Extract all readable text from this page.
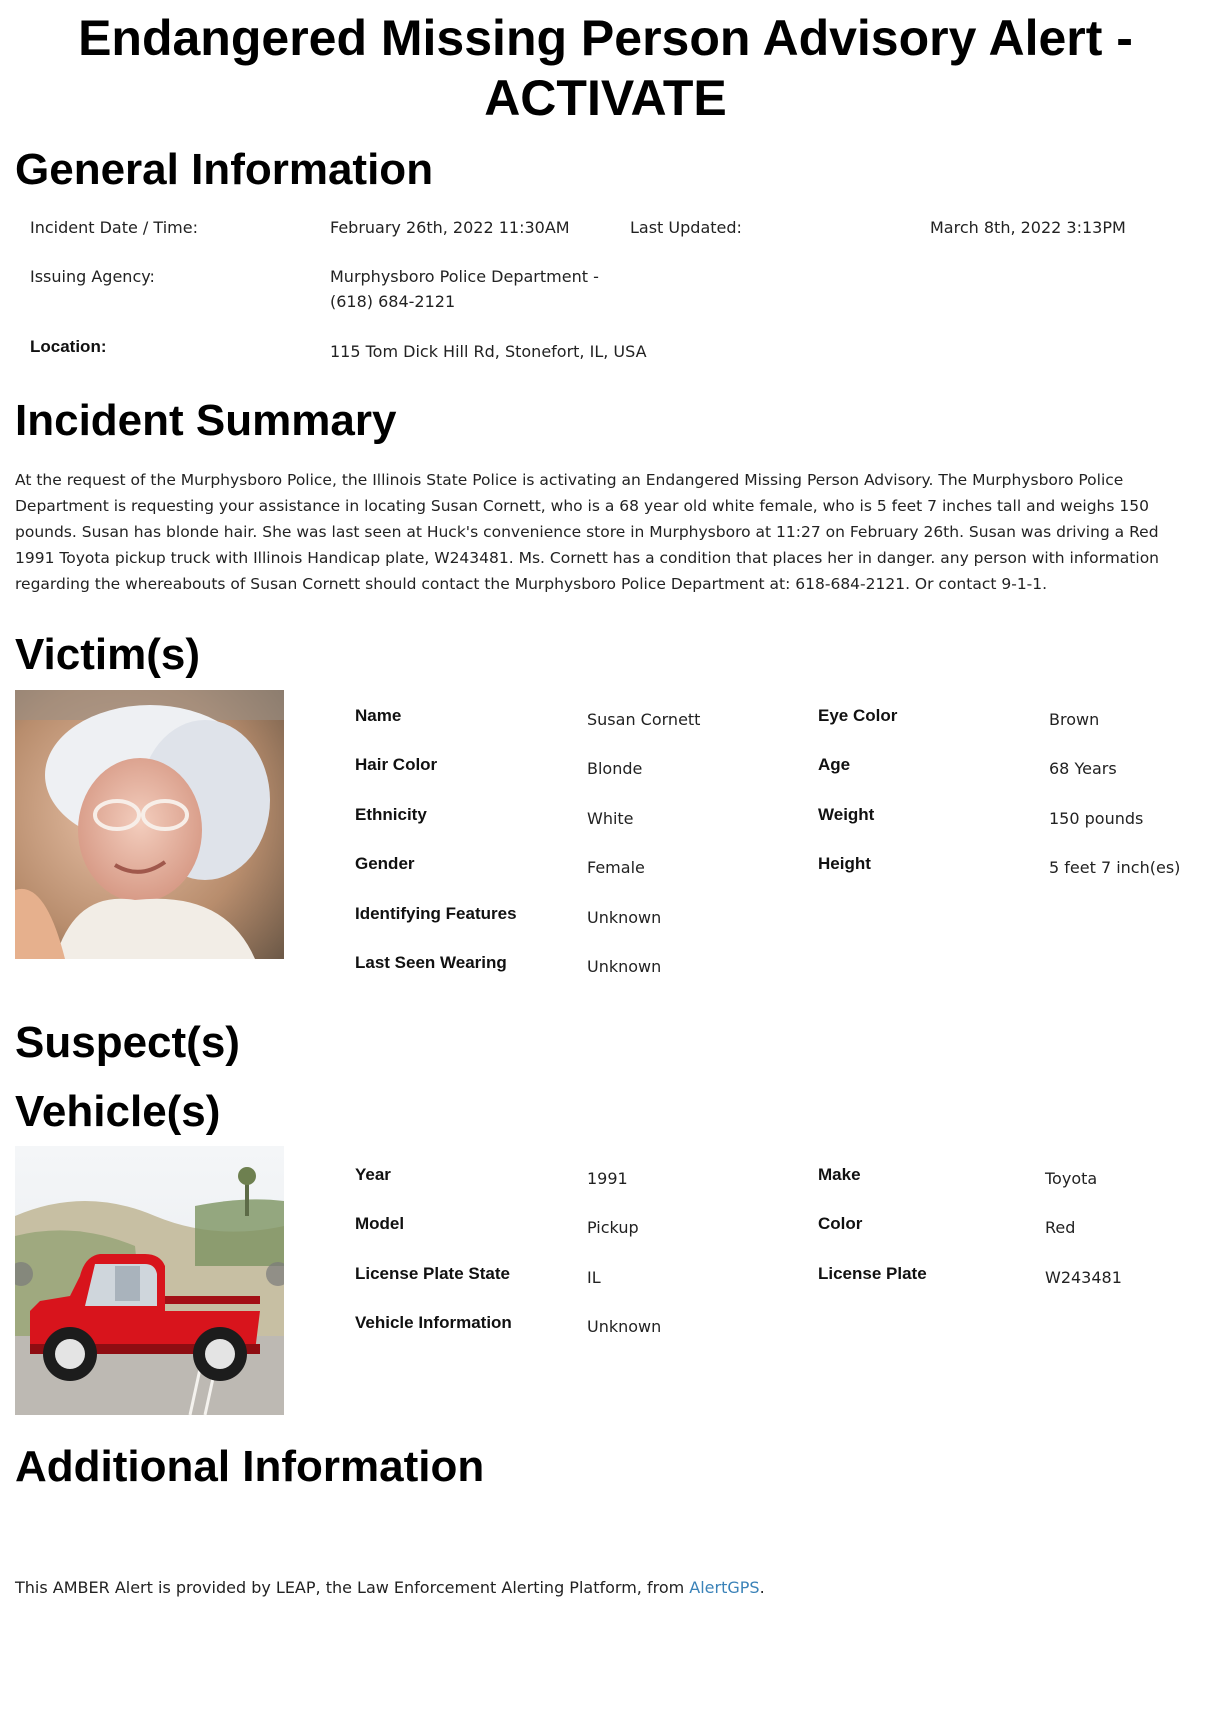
Endangered Missing Person Advisory Alert -
ACTIVATE
General Information
Incident Date / Time:	February 26th, 2022 11:30AM	Last Updated:	March 8th, 2022 3:13PM
Issuing Agency:	Murphysboro Police Department -
(618) 684-2121
Location:	115 Tom Dick Hill Rd, Stonefort, IL, USA
Incident Summary

At the request of the Murphysboro Police, the Illinois State Police is activating an Endangered Missing Person Advisory. The Murphysboro Police Department is requesting your assistance in locating Susan Cornett, who is a 68 year old white female, who is 5 feet 7 inches tall and weighs 150 pounds. Susan has blonde hair. She was last seen at Huck's convenience store in Murphysboro at 11:27 on February 26th. Susan was driving a Red 1991 Toyota pickup truck with Illinois Handicap plate, W243481. Ms. Cornett has a condition that places her in danger. any person with information regarding the whereabouts of Susan Cornett should contact the Murphysboro Police Department at: 618-684-2121. Or contact 9-1-1.

Victim(s)
Name	Susan Cornett
Hair Color	Blonde
Ethnicity	White
Gender	Female
Identifying Features	Unknown
Last Seen Wearing	Unknown
Eye Color	Brown
Age	68 Years
Weight	150 pounds
Height	5 feet 7 inch(es)
Suspect(s)
Vehicle(s)
Year	1991
Model	Pickup
License Plate State	IL
Vehicle Information	Unknown
Make	Toyota
Color	Red
License Plate	W243481
Additional Information
This AMBER Alert is provided by LEAP, the Law Enforcement Alerting Platform, from AlertGPS.
